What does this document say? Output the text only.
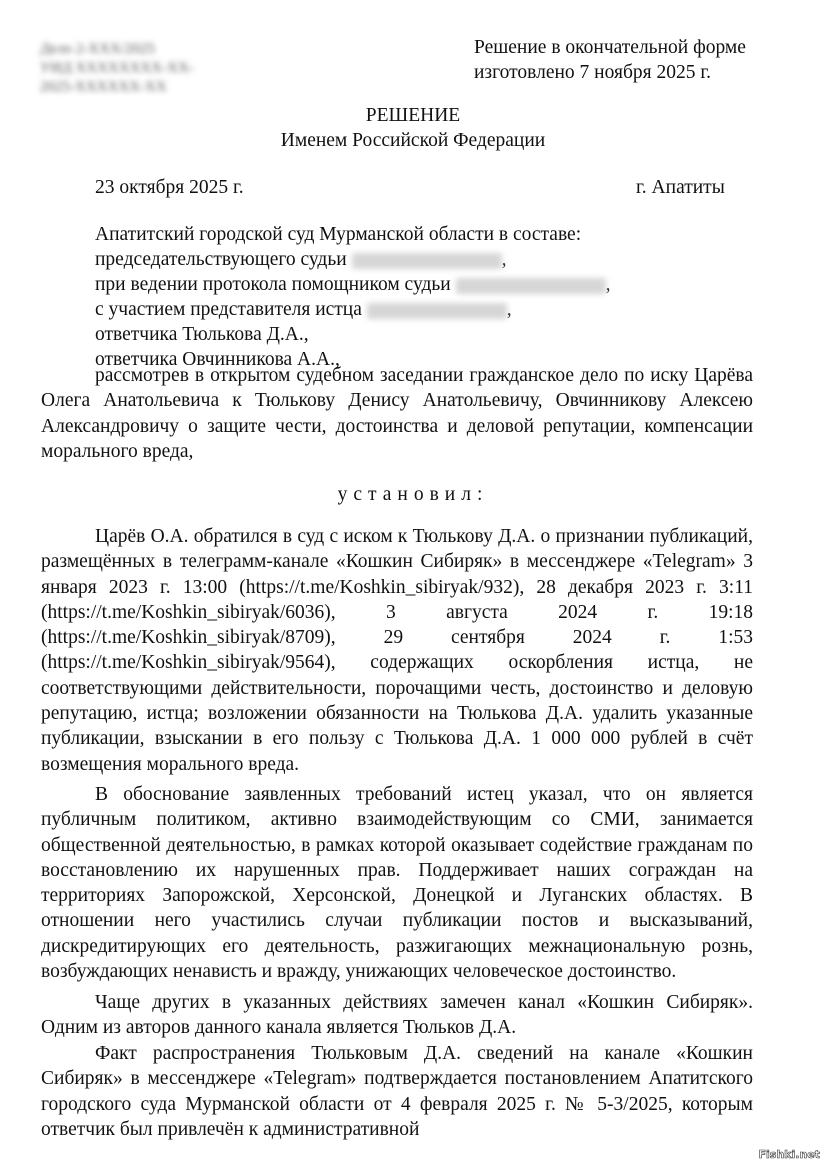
Дело 2-XXX/2025
УИД XXXXXXXX-XX-2025-XXXXXX-XX
Решение в окончательной форме
изготовлено 7 ноября 2025 г.
РЕШЕНИЕ
Именем Российской Федерации
23 октября 2025 г.	г. Апатиты
Апатитский городской суд Мурманской области в составе:
председательствующего судьи	,
при ведении протокола помощником судьи	,
с участием представителя истца	,
ответчика Тюлькова Д.А.,
ответчика Овчинникова А.А.,
рассмотрев в открытом судебном заседании гражданское дело по иску Царёва Олега Анатольевича к Тюлькову Денису Анатольевичу, Овчинникову Алексею Александровичу о защите чести, достоинства и деловой репутации, компенсации морального вреда,
установил:
Царёв О.А. обратился в суд с иском к Тюлькову Д.А. о признании публикаций, размещённых в телеграмм-канале «Кошкин Сибиряк» в мессенджере «Telegram» 3 января 2023 г. 13:00 (https://t.me/Koshkin_sibiryak/932), 28 декабря 2023 г. 3:11 (https://t.me/Koshkin_sibiryak/6036), 3 августа 2024 г. 19:18 (https://t.me/Koshkin_sibiryak/8709), 29 сентября 2024 г. 1:53 (https://t.me/Koshkin_sibiryak/9564), содержащих оскорбления истца, не соответствующими действительности, порочащими честь, достоинство и деловую репутацию, истца; возложении обязанности на Тюлькова Д.А. удалить указанные публикации, взыскании в его пользу с Тюлькова Д.А. 1 000 000 рублей в счёт возмещения морального вреда.
В обоснование заявленных требований истец указал, что он является публичным политиком, активно взаимодействующим со СМИ, занимается общественной деятельностью, в рамках которой оказывает содействие гражданам по восстановлению их нарушенных прав. Поддерживает наших сограждан на территориях Запорожской, Херсонской, Донецкой и Луганских областях. В отношении него участились случаи публикации постов и высказываний, дискредитирующих его деятельность, разжигающих межнациональную рознь, возбуждающих ненависть и вражду, унижающих человеческое достоинство.
Чаще других в указанных действиях замечен канал «Кошкин Сибиряк». Одним из авторов данного канала является Тюльков Д.А.
Факт распространения Тюльковым Д.А. сведений на канале «Кошкин Сибиряк» в мессенджере «Telegram» подтверждается постановлением Апатитского городского суда Мурманской области от 4 февраля 2025 г. № 5-3/2025, которым ответчик был привлечён к административной
Fishki.net
